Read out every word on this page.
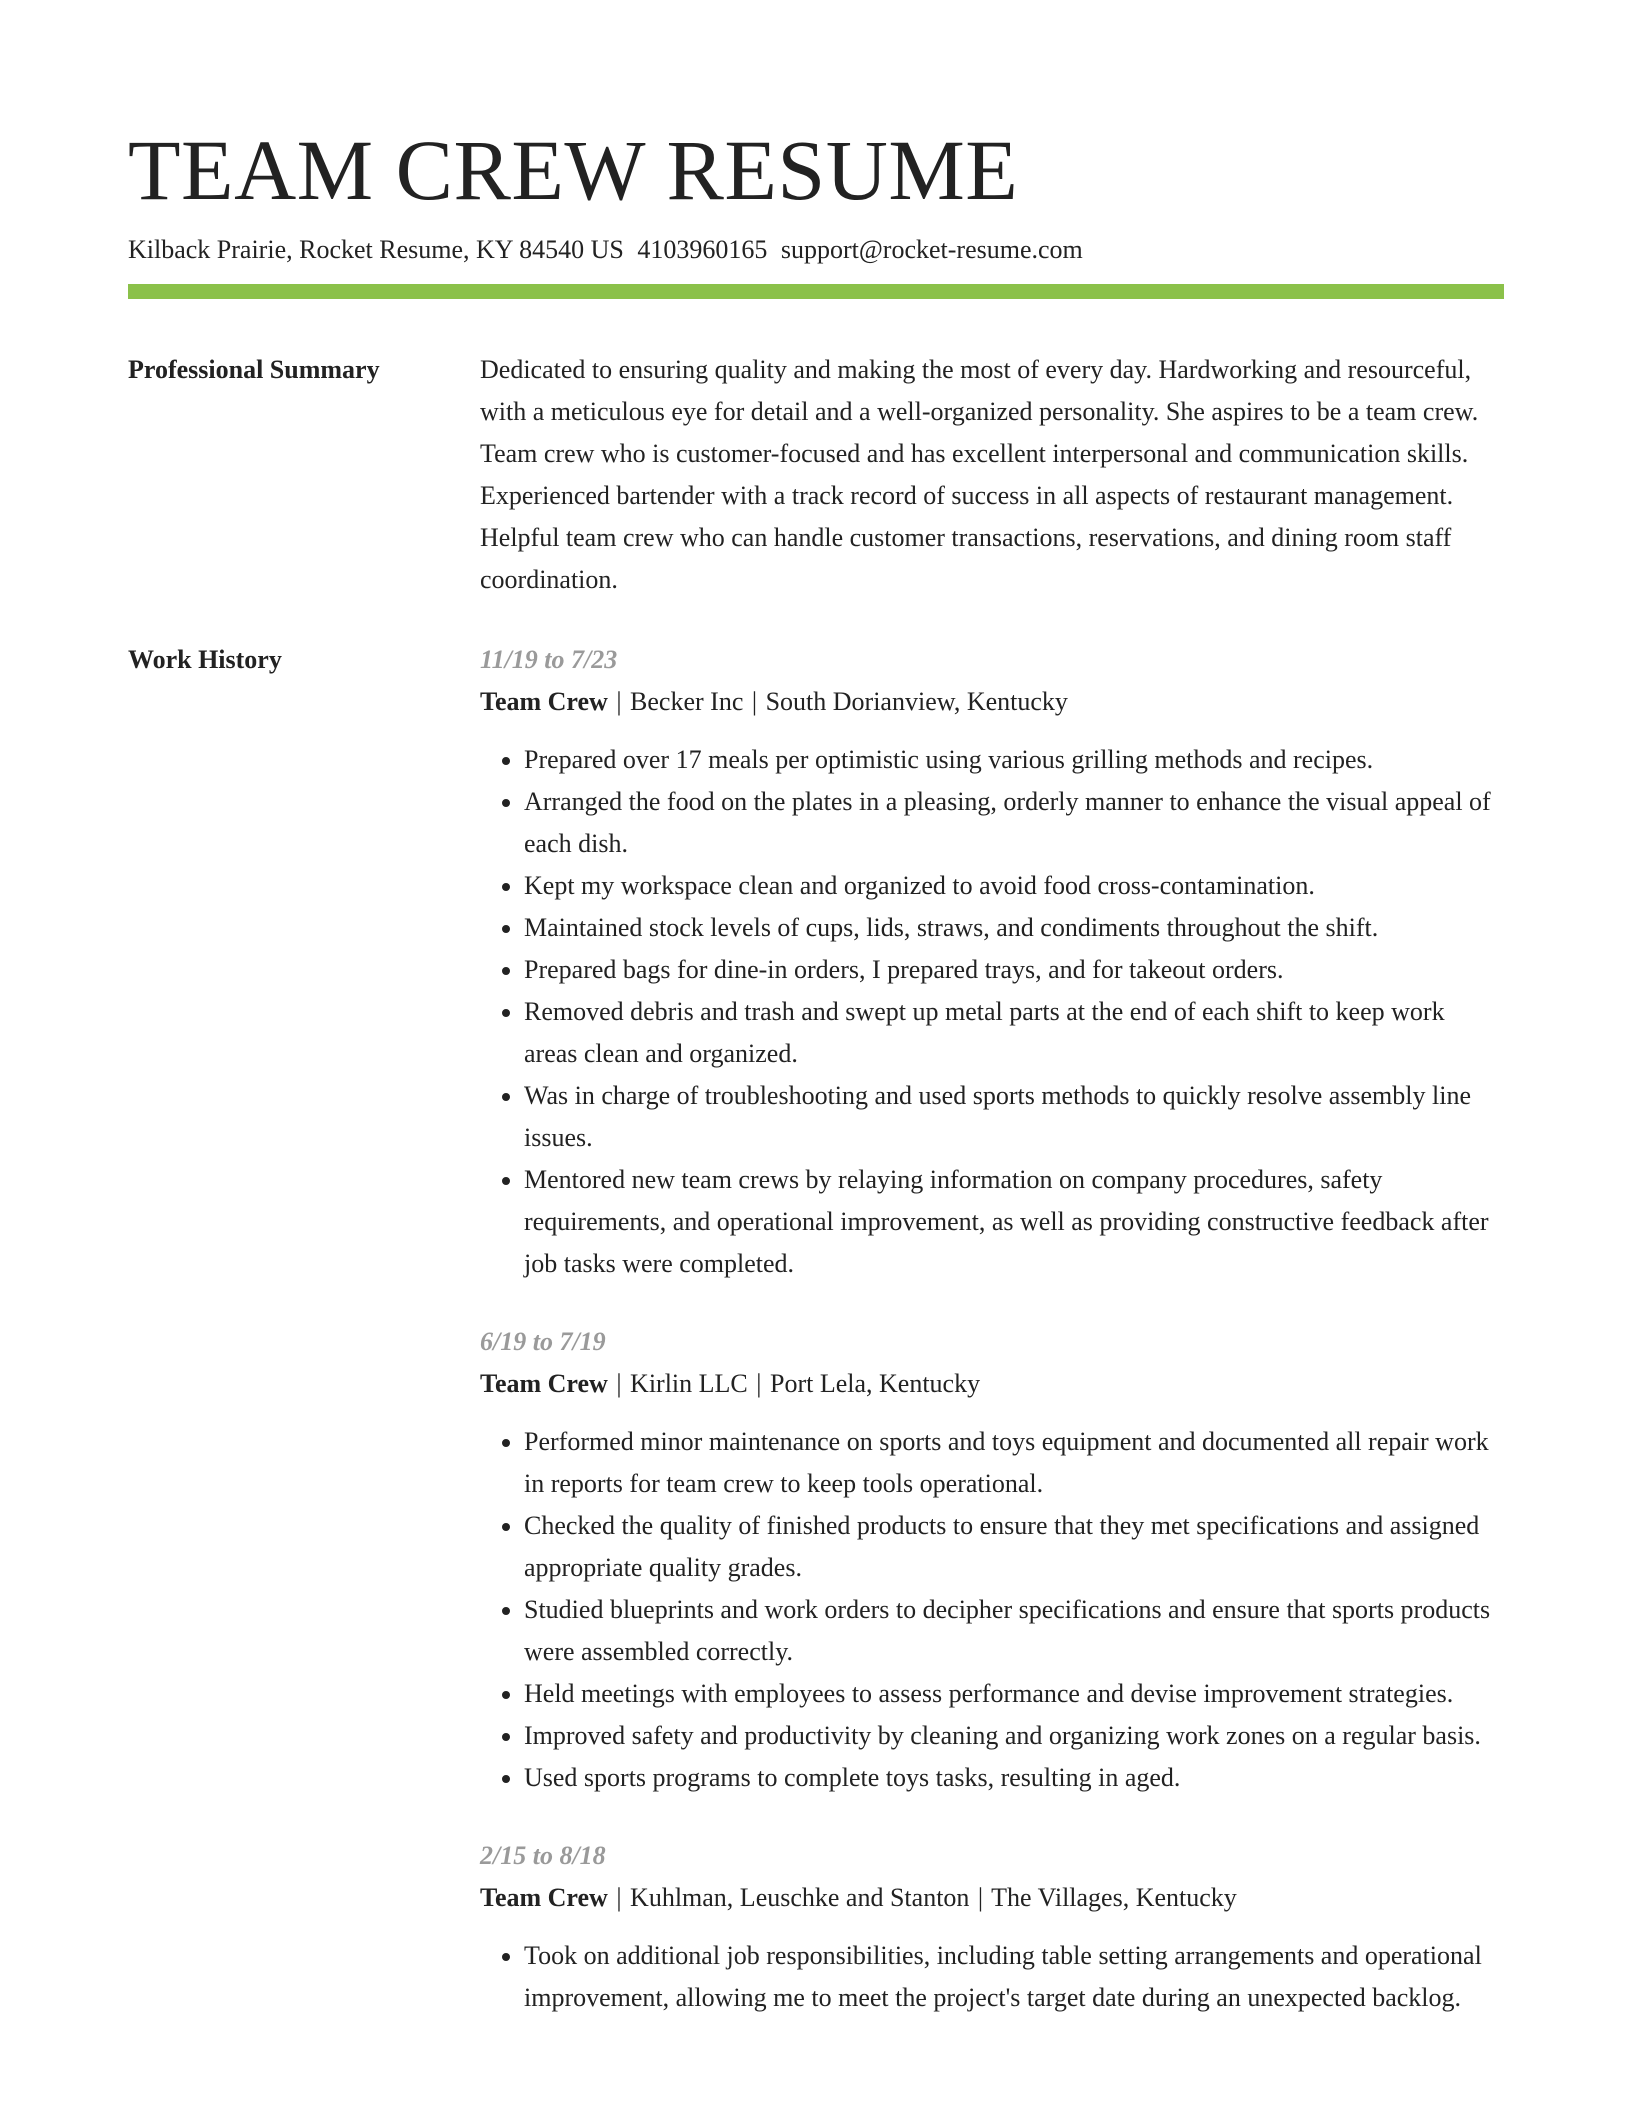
TEAM CREW RESUME
Kilback Prairie, Rocket Resume, KY 84540 US 4103960165 support@rocket-resume.com
Professional Summary	Dedicated to ensuring quality and making the most of every day. Hardworking and resourceful, with a meticulous eye for detail and a well-organized personality. She aspires to be a team crew. Team crew who is customer-focused and has excellent interpersonal and communication skills. Experienced bartender with a track record of success in all aspects of restaurant management. Helpful team crew who can handle customer transactions, reservations, and dining room staff coordination.

Work History	11/19 to 7/23
Team Crew | Becker Inc | South Dorianview, Kentucky
• Prepared over 17 meals per optimistic using various grilling methods and recipes.
• Arranged the food on the plates in a pleasing, orderly manner to enhance the visual appeal of each dish.
• Kept my workspace clean and organized to avoid food cross-contamination.
• Maintained stock levels of cups, lids, straws, and condiments throughout the shift.
• Prepared bags for dine-in orders, I prepared trays, and for takeout orders.
• Removed debris and trash and swept up metal parts at the end of each shift to keep work areas clean and organized.
• Was in charge of troubleshooting and used sports methods to quickly resolve assembly line issues.
• Mentored new team crews by relaying information on company procedures, safety requirements, and operational improvement, as well as providing constructive feedback after job tasks were completed.
6/19 to 7/19
Team Crew | Kirlin LLC | Port Lela, Kentucky
• Performed minor maintenance on sports and toys equipment and documented all repair work in reports for team crew to keep tools operational.
• Checked the quality of finished products to ensure that they met specifications and assigned appropriate quality grades.
• Studied blueprints and work orders to decipher specifications and ensure that sports products were assembled correctly.
• Held meetings with employees to assess performance and devise improvement strategies.
• Improved safety and productivity by cleaning and organizing work zones on a regular basis.
• Used sports programs to complete toys tasks, resulting in aged.
2/15 to 8/18
Team Crew | Kuhlman, Leuschke and Stanton | The Villages, Kentucky
• Took on additional job responsibilities, including table setting arrangements and operational improvement, allowing me to meet the project's target date during an unexpected backlog.
